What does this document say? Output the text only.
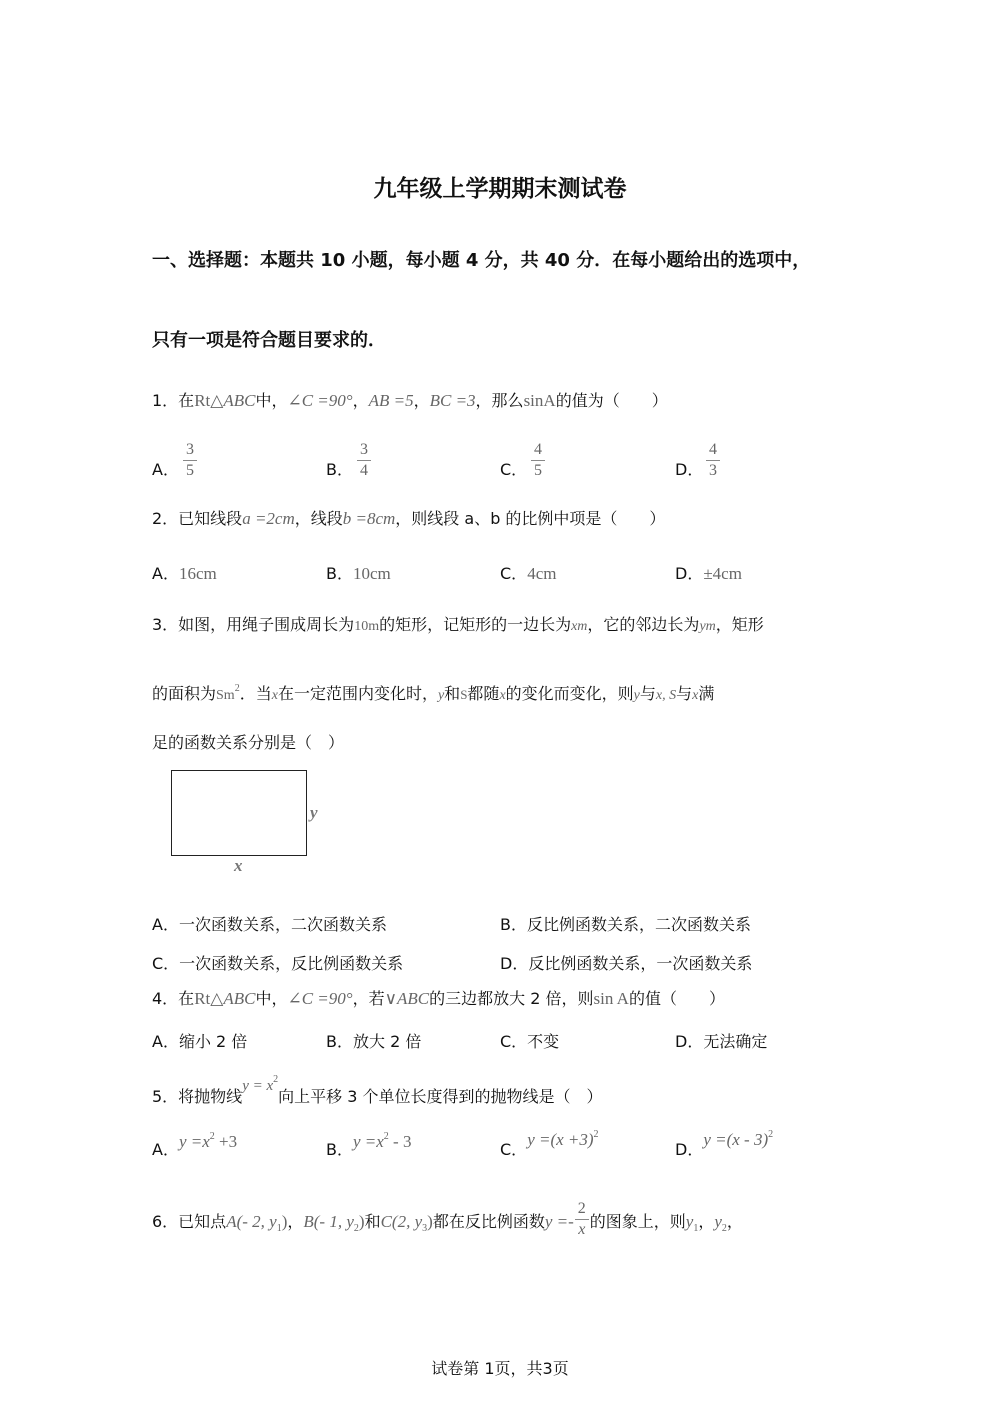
九年级上学期期末测试卷
一、选择题：本题共 10 小题，每小题 4 分，共 40 分．在每小题给出的选项中，
只有一项是符合题目要求的．
1．在Rt△ABC中，∠C =90°，AB =5，BC =3，那么sinA的值为（　　）
A．
3
5	B．
3
4	C．
4
5	D．
4
3
2．已知线段a =2cm，线段b =8cm，则线段 a、b 的比例中项是（　　）
A．16cm	B．10cm	C．4cm	D．±4cm
3．如图，用绳子围成周长为10m的矩形，记矩形的一边长为xm，它的邻边长为ym，矩形
的面积为Sm$^2$．当x在一定范围内变化时，y和S都随x的变化而变化，则y与x, S与x满
足的函数关系分别是（　）
x
y
A．一次函数关系，二次函数关系	B．反比例函数关系，二次函数关系
C．一次函数关系，反比例函数关系	D．反比例函数关系，一次函数关系
4．在Rt△ABC中，∠C =90°，若∨ABC的三边都放大 2 倍，则sin A的值（　　）
A．缩小 2 倍	B．放大 2 倍	C．不变	D．无法确定
5．将抛物线$y = x^2$向上平移 3 个单位长度得到的抛物线是（　）
A．$y =x^2 +3$	B．$y =x^2 - 3$	C．$y =(x +3)^2$
D．y =(x - 3)$^2$
6．已知点A(- 2, $y_1$)，B(- 1, $y_2$)和C(2, $y_3$)都在反比例函数y =-
2
x 的图象上，则$y_1$，$y_2$，
试卷第 1页，共3页
